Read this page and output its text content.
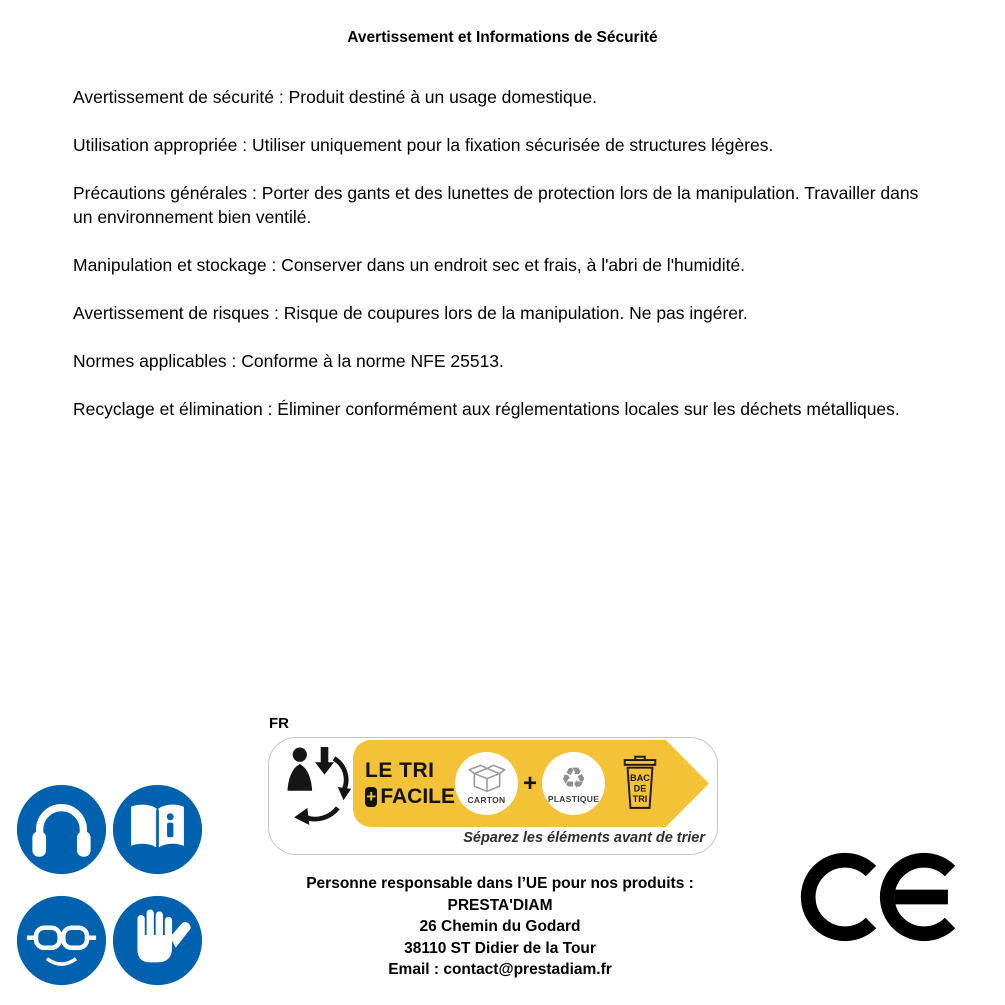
Avertissement et Informations de Sécurité

Avertissement de sécurité : Produit destiné à un usage domestique.

Utilisation appropriée : Utiliser uniquement pour la fixation sécurisée de structures légères.

Précautions générales : Porter des gants et des lunettes de protection lors de la manipulation. Travailler dans un environnement bien ventilé.

Manipulation et stockage : Conserver dans un endroit sec et frais, à l'abri de l'humidité.

Avertissement de risques : Risque de coupures lors de la manipulation. Ne pas ingérer.

Normes applicables : Conforme à la norme NFE 25513.

Recyclage et élimination : Éliminer conformément aux réglementations locales sur les déchets métalliques.

FR
LE TRI
+ FACILE CARTON
+ ♻
PLASTIQUE
BAC
DE
TRI
Séparez les éléments avant de trier
Personne responsable dans l’UE pour nos produits :
PRESTA'DIAM
26 Chemin du Godard
38110 ST Didier de la Tour
Email : contact@prestadiam.fr
